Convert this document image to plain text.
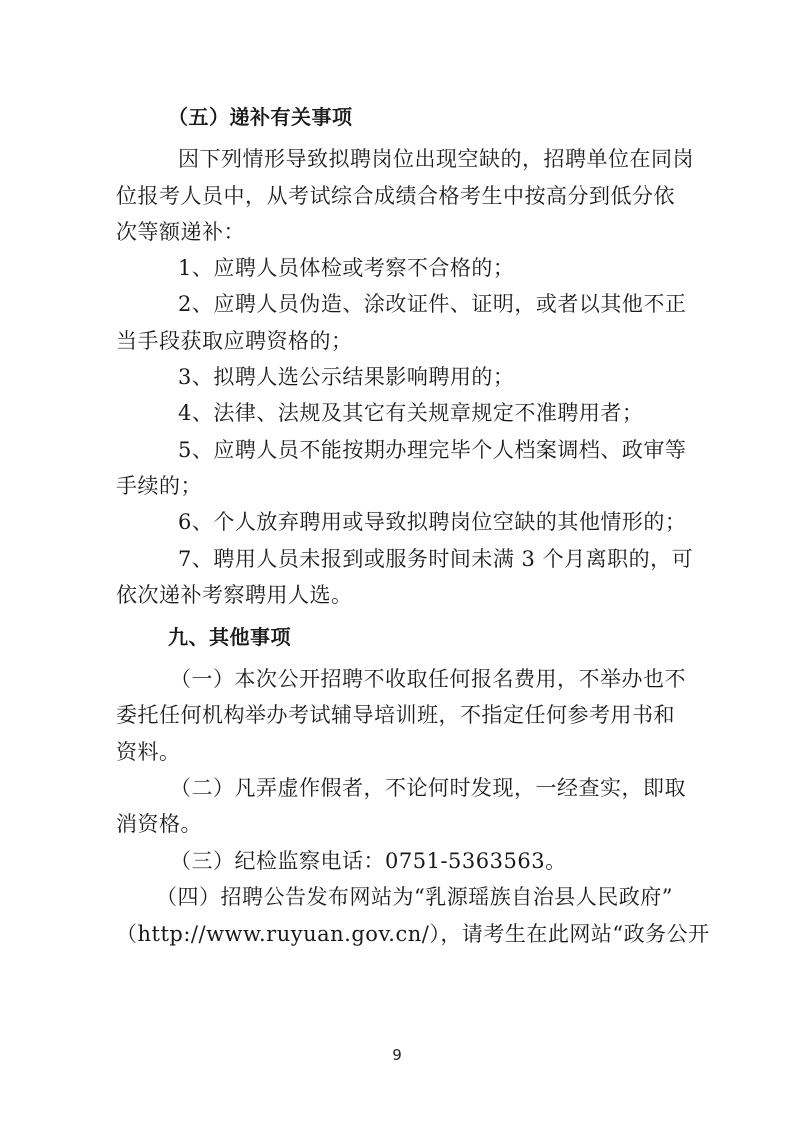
（五）递补有关事项
因下列情形导致拟聘岗位出现空缺的，招聘单位在同岗
位报考人员中，从考试综合成绩合格考生中按高分到低分依
次等额递补：
1、应聘人员体检或考察不合格的；
2、应聘人员伪造、涂改证件、证明，或者以其他不正
当手段获取应聘资格的；
3、拟聘人选公示结果影响聘用的；
4、法律、法规及其它有关规章规定不准聘用者；
5、应聘人员不能按期办理完毕个人档案调档、政审等
手续的；
6、个人放弃聘用或导致拟聘岗位空缺的其他情形的；
7、聘用人员未报到或服务时间未满 3 个月离职的，可
依次递补考察聘用人选。
九、其他事项
（一）本次公开招聘不收取任何报名费用，不举办也不
委托任何机构举办考试辅导培训班，不指定任何参考用书和
资料。
（二）凡弄虚作假者，不论何时发现，一经查实，即取
消资格。
（三）纪检监察电话：0751-5363563。
（四）招聘公告发布网站为“乳源瑶族自治县人民政府”
（http://www.ruyuan.gov.cn/），请考生在此网站“政务公开
9
